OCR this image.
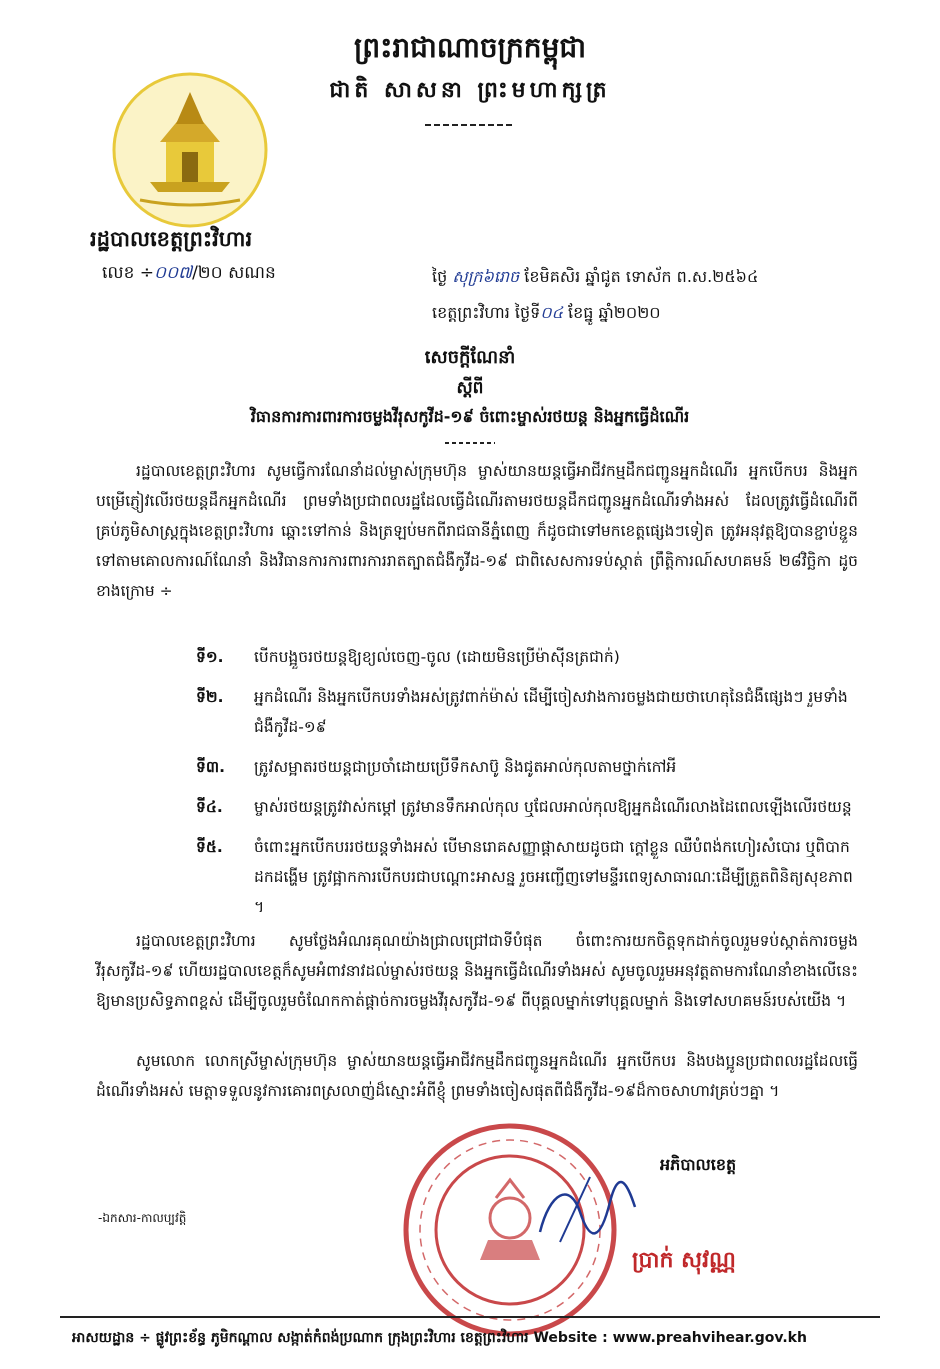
ព្រះរាជាណាចក្រកម្ពុជា
ជាតិ សាសនា ព្រះមហាក្សត្រ
រដ្ឋបាលខេត្តព្រះវិហារ
លេខ ÷០០៧/២០ សណន	ថ្ងៃ សុក្រ៦រោច ខែមិគសិរ ឆ្នាំជូត ទោស័ក ព.ស.២៥៦៤
ខេត្តព្រះវិហារ ថ្ងៃទី០៤ ខែធ្នូ ឆ្នាំ២០២០
សេចក្តីណែនាំ
ស្តីពី
វិធានការការពារការចម្លងវីរុសកូវីដ-១៩ ចំពោះម្ចាស់រថយន្ត និងអ្នកធ្វើដំណើរ

រដ្ឋបាលខេត្តព្រះវិហារ សូមធ្វើការណែនាំដល់ម្ចាស់ក្រុមហ៊ុន ម្ចាស់យានយន្តធ្វើអាជីវកម្មដឹកជញ្ជូនអ្នកដំណើរ អ្នកបើកបរ និងអ្នកបម្រើភ្ញៀវលើរថយន្តដឹកអ្នកដំណើរ ព្រមទាំងប្រជាពលរដ្ឋដែលធ្វើដំណើរតាមរថយន្តដឹកជញ្ជូនអ្នកដំណើរទាំងអស់ ដែលត្រូវធ្វើដំណើរពីគ្រប់ភូមិសាស្ត្រក្នុងខេត្តព្រះវិហារ ឆ្ពោះទៅកាន់ និងត្រឡប់មកពីរាជធានីភ្នំពេញ ក៏ដូចជាទៅមកខេត្តផ្សេងៗទៀត ត្រូវអនុវត្តឱ្យបានខ្ជាប់ខ្ជួនទៅតាមគោលការណ៍ណែនាំ និងវិធានការការពារការរាតត្បាតជំងឺកូវីដ-១៩ ជាពិសេសការទប់ស្កាត់ ព្រឹត្តិការណ៍សហគមន៍ ២៨វិច្ឆិកា ដូចខាងក្រោម ÷

ទី១. បើកបង្អួចរថយន្តឱ្យខ្យល់ចេញ-ចូល (ដោយមិនប្រើម៉ាស៊ីនត្រជាក់)
ទី២. អ្នកដំណើរ និងអ្នកបើកបរទាំងអស់ត្រូវពាក់ម៉ាស់ ដើម្បីចៀសវាងការចម្លងជាយថាហេតុនៃជំងឺផ្សេងៗ រួមទាំងជំងឺកូវីដ-១៩
ទី៣. ត្រូវសម្អាតរថយន្តជាប្រចាំដោយប្រើទឹកសាប៊ូ និងជូតអាល់កុលតាមថ្នាក់កៅអី
ទី៤. ម្ចាស់រថយន្តត្រូវវាស់កម្តៅ ត្រូវមានទឹកអាល់កុល ឬជែលអាល់កុលឱ្យអ្នកដំណើរលាងដៃពេលឡើងលើរថយន្ត
ទី៥. ចំពោះអ្នកបើកបររថយន្តទាំងអស់ បើមានរោគសញ្ញាផ្តាសាយដូចជា ក្តៅខ្លួន ឈឺបំពង់កហៀរសំបោរ ឬពិបាកដកដង្ហើម ត្រូវផ្អាកការបើកបរជាបណ្តោះអាសន្ន រួចអញ្ជើញទៅមន្ទីរពេទ្យសាធារណៈដើម្បីត្រួតពិនិត្យសុខភាព ។

រដ្ឋបាលខេត្តព្រះវិហារ សូមថ្លែងអំណរគុណយ៉ាងជ្រាលជ្រៅជាទីបំផុត ចំពោះការយកចិត្តទុកដាក់ចូលរួមទប់ស្កាត់ការចម្លងវីរុសកូវីដ-១៩ ហើយរដ្ឋបាលខេត្តក៏សូមអំពាវនាវដល់ម្ចាស់រថយន្ត និងអ្នកធ្វើដំណើរទាំងអស់ សូមចូលរួមអនុវត្តតាមការណែនាំខាងលើនេះឱ្យមានប្រសិទ្ធភាពខ្ពស់ ដើម្បីចូលរួមចំណែកកាត់ផ្តាច់ការចម្លងវីរុសកូវីដ-១៩ ពីបុគ្គលម្នាក់ទៅបុគ្គលម្នាក់ និងទៅសហគមន៍របស់យើង ។

សូមលោក លោកស្រីម្ចាស់ក្រុមហ៊ុន ម្ចាស់យានយន្តធ្វើអាជីវកម្មដឹកជញ្ជូនអ្នកដំណើរ អ្នកបើកបរ និងបងប្អូនប្រជាពលរដ្ឋដែលធ្វើដំណើរទាំងអស់ មេត្តាទទួលនូវការគោរពស្រលាញ់ដ៏ស្មោះអំពីខ្ញុំ ព្រមទាំងចៀសផុតពីជំងឺកូវីដ-១៩ដ៏កាចសាហាវគ្រប់ៗគ្នា ។

អភិបាលខេត្ត
ប្រាក់ សុវណ្ណ
-ឯកសារ-កាលប្បវត្តិ
អាសយដ្ឋាន ÷ ផ្លូវព្រះខ័ន្ធ ភូមិកណ្តាល សង្កាត់កំពង់ប្រណាក ក្រុងព្រះវិហារ ខេត្តព្រះវិហារ Website : www.preahvihear.gov.kh
